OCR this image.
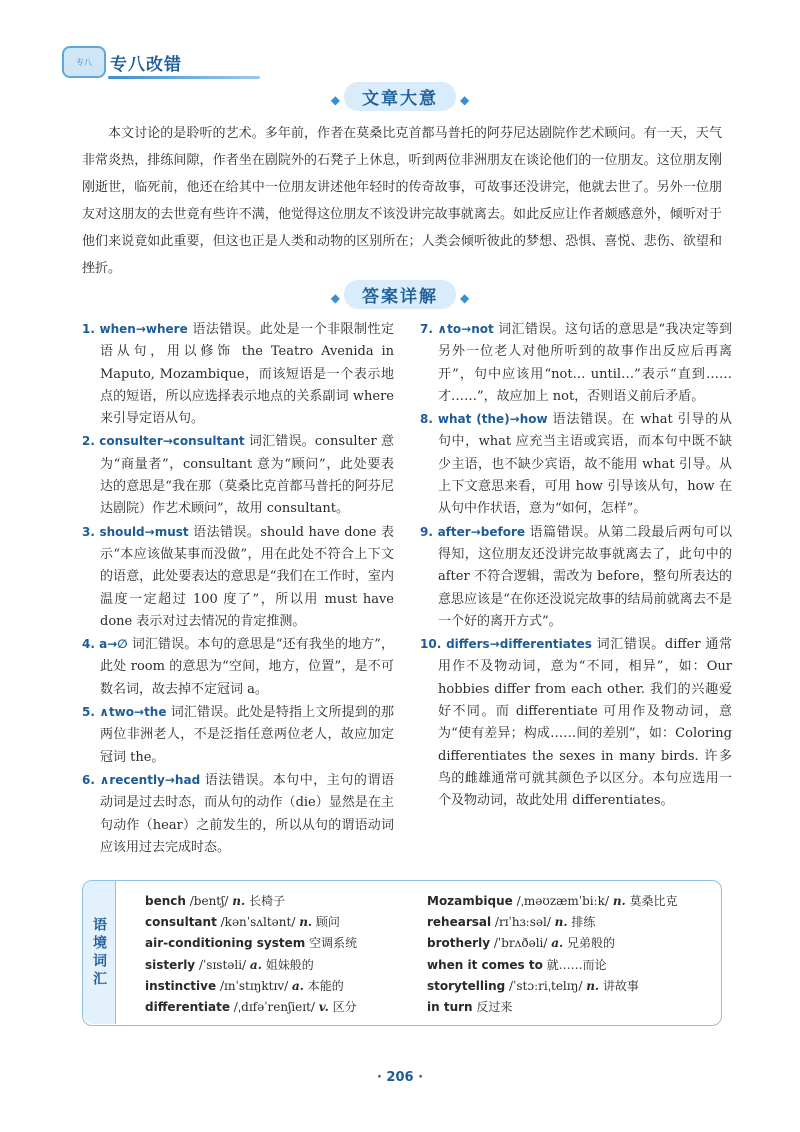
专八	专八改错
◆ 文章大意 ◆

本文讨论的是聆听的艺术。多年前，作者在莫桑比克首都马普托的阿芬尼达剧院作艺术顾问。有一天，天气非常炎热，排练间隙，作者坐在剧院外的石凳子上休息，听到两位非洲朋友在谈论他们的一位朋友。这位朋友刚刚逝世，临死前，他还在给其中一位朋友讲述他年轻时的传奇故事，可故事还没讲完，他就去世了。另外一位朋友对这朋友的去世竟有些许不满，他觉得这位朋友不该没讲完故事就离去。如此反应让作者颇感意外，倾听对于他们来说竟如此重要，但这也正是人类和动物的区别所在；人类会倾听彼此的梦想、恐惧、喜悦、悲伤、欲望和挫折。

◆ 答案详解 ◆

1. when→where 语法错误。此处是一个非限制性定语从句，用以修饰 the Teatro Avenida in Maputo, Mozambique，而该短语是一个表示地点的短语，所以应选择表示地点的关系副词 where 来引导定语从句。

2. consulter→consultant 词汇错误。consulter 意为“商量者”，consultant 意为“顾问”，此处要表达的意思是“我在那（莫桑比克首都马普托的阿芬尼达剧院）作艺术顾问”，故用 consultant。

3. should→must 语法错误。should have done 表示“本应该做某事而没做”，用在此处不符合上下文的语意，此处要表达的意思是“我们在工作时，室内温度一定超过 100 度了”，所以用 must have done 表示对过去情况的肯定推测。

4. a→∅ 词汇错误。本句的意思是“还有我坐的地方”，此处 room 的意思为“空间，地方，位置”，是不可数名词，故去掉不定冠词 a。

5. ∧two→the 词汇错误。此处是特指上文所提到的那两位非洲老人，不是泛指任意两位老人，故应加定冠词 the。

6. ∧recently→had 语法错误。本句中，主句的谓语动词是过去时态，而从句的动作（die）显然是在主句动作（hear）之前发生的，所以从句的谓语动词应该用过去完成时态。

7. ∧to→not 词汇错误。这句话的意思是“我决定等到另外一位老人对他所听到的故事作出反应后再离开”，句中应该用“not… until…”表示“直到……才……”，故应加上 not，否则语义前后矛盾。

8. what (the)→how 语法错误。在 what 引导的从句中，what 应充当主语或宾语，而本句中既不缺少主语，也不缺少宾语，故不能用 what 引导。从上下文意思来看，可用 how 引导该从句，how 在从句中作状语，意为“如何，怎样”。

9. after→before 语篇错误。从第二段最后两句可以得知，这位朋友还没讲完故事就离去了，此句中的 after 不符合逻辑，需改为 before，整句所表达的意思应该是“在你还没说完故事的结局前就离去不是一个好的离开方式”。

10. differs→differentiates 词汇错误。differ 通常用作不及物动词，意为“不同，相异”，如：Our hobbies differ from each other. 我们的兴趣爱好不同。而 differentiate 可用作及物动词，意为“使有差异；构成……间的差别”，如：Coloring differentiates the sexes in many birds. 许多鸟的雌雄通常可就其颜色予以区分。本句应选用一个及物动词，故此处用 differentiates。

语境词汇
bench /bentʃ/ n. 长椅子
consultant /kənˈsʌltənt/ n. 顾问
air-conditioning system 空调系统
sisterly /ˈsɪstəli/ a. 姐妹般的
instinctive /ɪnˈstɪŋktɪv/ a. 本能的
differentiate /ˌdɪfəˈrenʃieɪt/ v. 区分
Mozambique /ˌməʊzæmˈbiːk/ n. 莫桑比克
rehearsal /rɪˈhɜːsəl/ n. 排练
brotherly /ˈbrʌðəli/ a. 兄弟般的
when it comes to 就……而论
storytelling /ˈstɔːriˌtelɪŋ/ n. 讲故事
in turn 反过来
· 206 ·
